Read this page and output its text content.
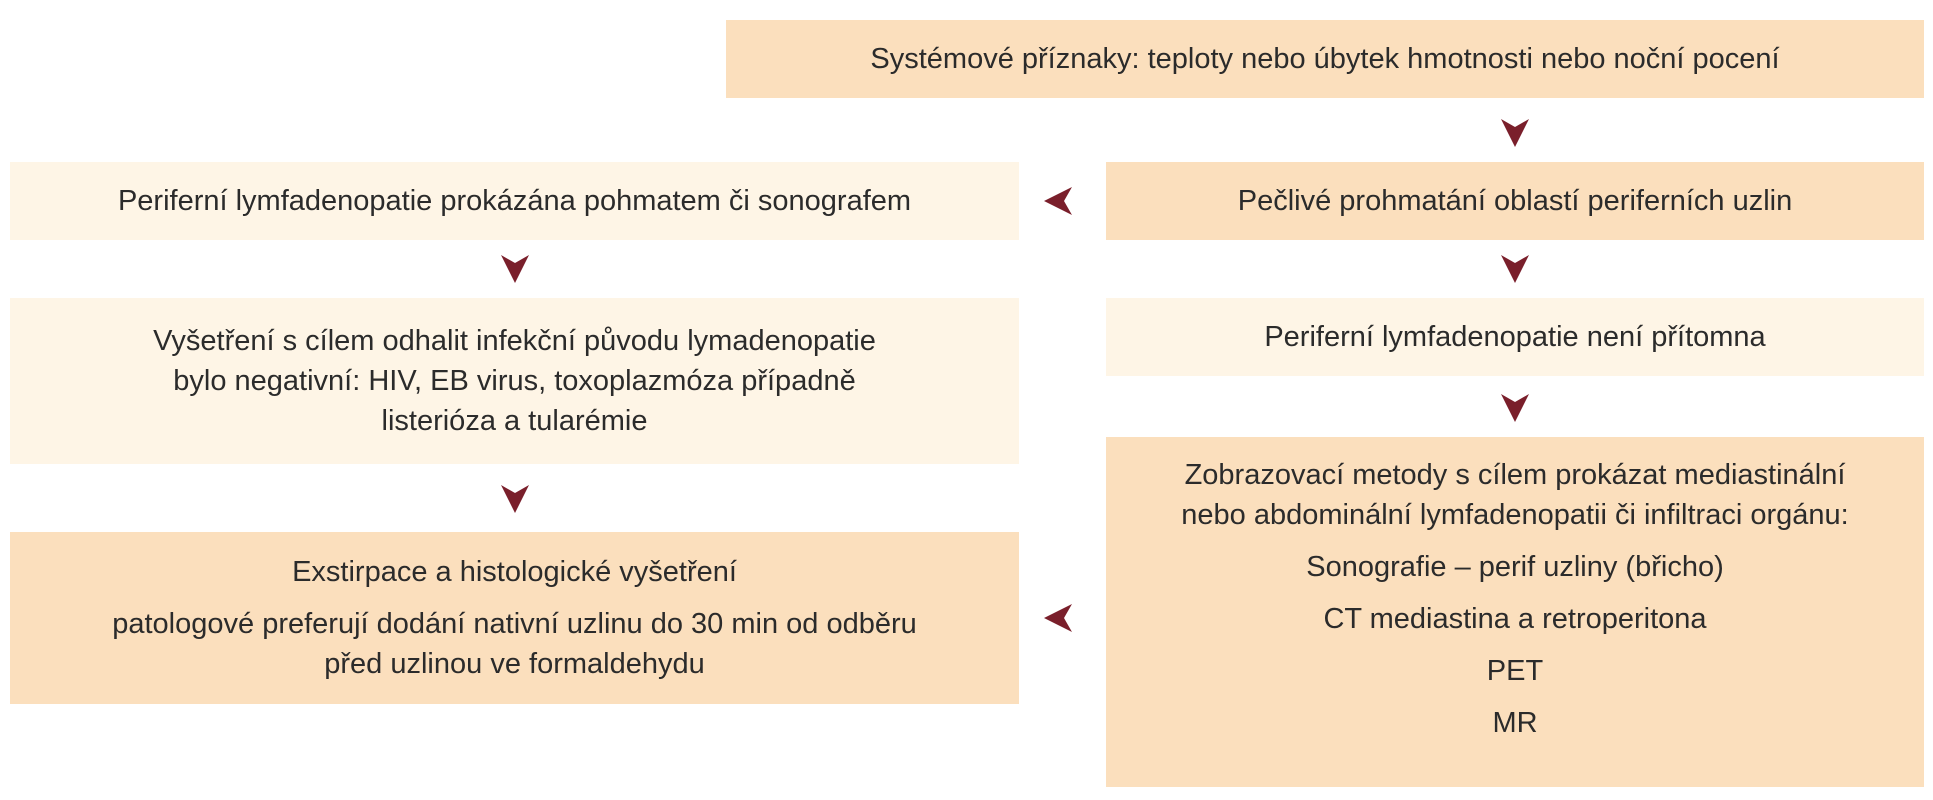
Systémové příznaky: teploty nebo úbytek hmotnosti nebo noční pocení
Pečlivé prohmatání oblastí periferních uzlin
Periferní lymfadenopatie není přítomna
Zobrazovací metody s cílem prokázat mediastinální
nebo abdominální lymfadenopatii či infiltraci orgánu:
Sonografie – perif uzliny (břicho)
CT mediastina a retroperitona
PET
MR
Periferní lymfadenopatie prokázána pohmatem či sonografem
Vyšetření s cílem odhalit infekční původu lymadenopatie
bylo negativní: HIV, EB virus, toxoplazmóza případně
listerióza a tularémie
Exstirpace a histologické vyšetření
patologové preferují dodání nativní uzlinu do 30 min od odběru
před uzlinou ve formaldehydu
